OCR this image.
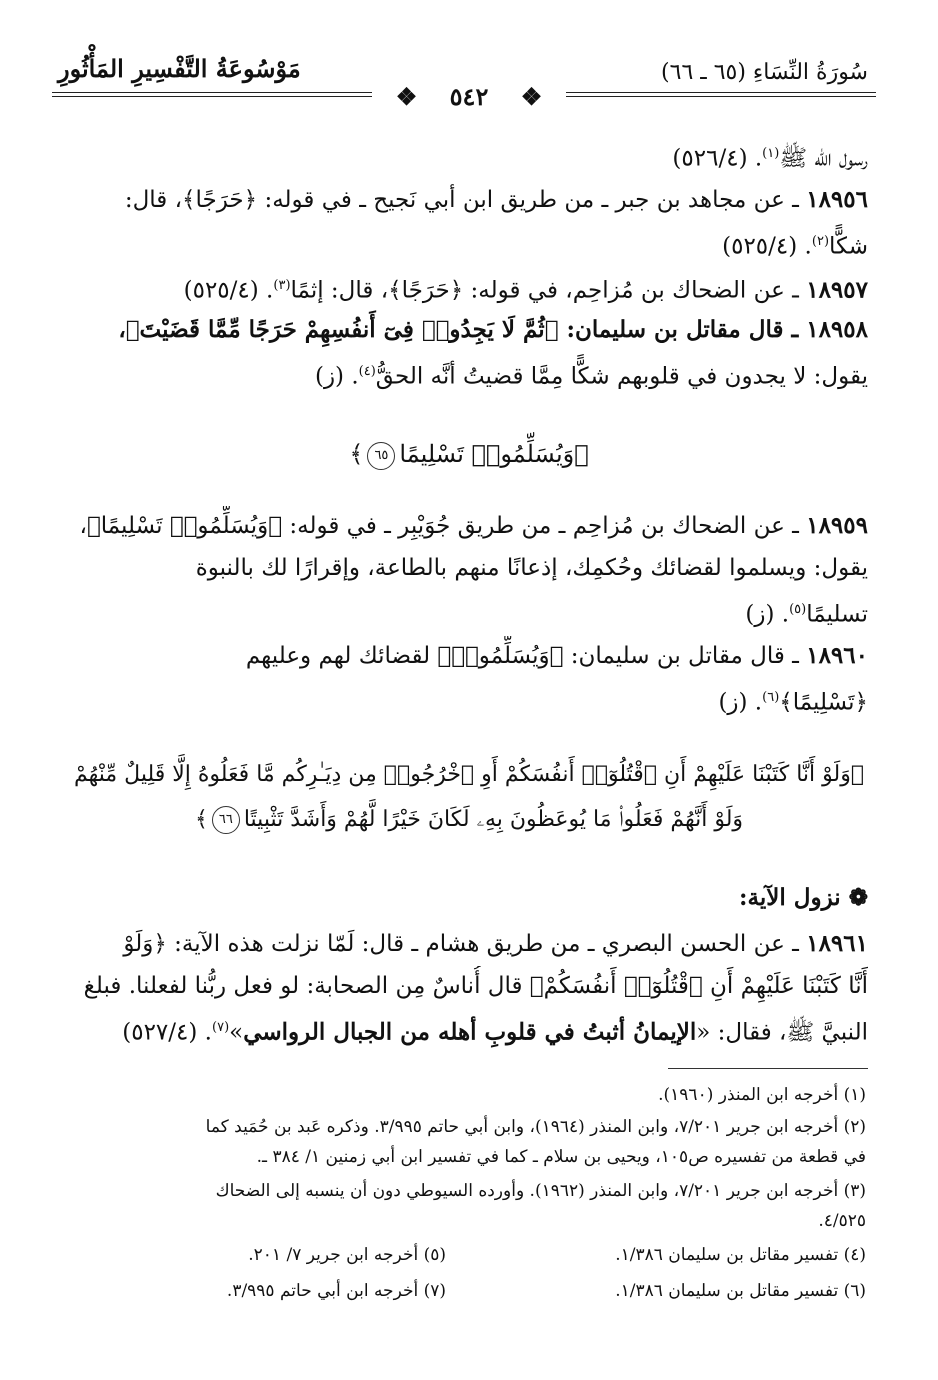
سُورَةُ النِّسَاءِ (٦٥ ـ ٦٦)
مَوْسُوعَةُ التَّفْسِيرِ المَأْثُورِ
❖ ٥٤٢ ❖
رسول الله ﷺ$^{(١)}$. (٥٢٦/٤)
١٨٩٥٦ ـ عن مجاهد بن جبر ـ من طريق ابن أبي نَجيح ـ في قوله: ﴿حَرَجًا﴾، قال:
شكًّا$^{(٢)}$. (٥٢٥/٤)
١٨٩٥٧ ـ عن الضحاك بن مُزاحِم، في قوله: ﴿حَرَجًا﴾، قال: إثمًا$^{(٣)}$. (٥٢٥/٤)
١٨٩٥٨ ـ قال مقاتل بن سليمان: ﴿ثُمَّ لَا يَجِدُوا۟ فِىٓ أَنفُسِهِمْ حَرَجًا مِّمَّا قَضَيْتَ﴾،
يقول: لا يجدون في قلوبهم شكًّا مِمَّا قضيتُ أنَّه الحقُّ$^{(٤)}$. (ز)
﴿وَيُسَلِّمُوا۟ تَسْلِيمًا٦٥﴾
١٨٩٥٩ ـ عن الضحاك بن مُزاحِم ـ من طريق جُوَيْبِر ـ في قوله: ﴿وَيُسَلِّمُوا۟ تَسْلِيمًا﴾،
يقول: ويسلموا لقضائك وحُكمِك، إذعانًا منهم بالطاعة، وإقرارًا لك بالنبوة
تسليمًا$^{(٥)}$. (ز)
١٨٩٦٠ ـ قال مقاتل بن سليمان: ﴿وَيُسَلِّمُوا۟﴾ لقضائك لهم وعليهم
﴿تَسْلِيمًا﴾$^{(٦)}$. (ز)
﴿وَلَوْ أَنَّا كَتَبْنَا عَلَيْهِمْ أَنِ ٱقْتُلُوٓا۟ أَنفُسَكُمْ أَوِ ٱخْرُجُوا۟ مِن دِيَـٰرِكُم مَّا فَعَلُوهُ إِلَّا قَلِيلٌ مِّنْهُمْ
وَلَوْ أَنَّهُمْ فَعَلُوا۟ مَا يُوعَظُونَ بِهِۦ لَكَانَ خَيْرًا لَّهُمْ وَأَشَدَّ تَثْبِيتًا٦٦﴾
❁ نزول الآية:
١٨٩٦١ ـ عن الحسن البصري ـ من طريق هشام ـ قال: لَمّا نزلت هذه الآية: ﴿وَلَوْ
أَنَّا كَتَبْنَا عَلَيْهِمْ أَنِ ٱقْتُلُوٓا۟ أَنفُسَكُمْ﴾ قال أُناسٌ مِن الصحابة: لو فعل ربُّنا لفعلنا. فبلغ
النبيَّ ﷺ، فقال: «الإيمانُ أثبتُ في قلوبِ أهله من الجبال الرواسي»$^{(٧)}$. (٥٢٧/٤)
(١) أخرجه ابن المنذر (١٩٦٠).
(٢) أخرجه ابن جرير ٧/٢٠١، وابن المنذر (١٩٦٤)، وابن أبي حاتم ٣/٩٩٥. وذكره عَبد بن حُمَيد كما
في قطعة من تفسيره ص١٠٥، ويحيى بن سلام ـ كما في تفسير ابن أبي زمنين ١/ ٣٨٤ ـ.
(٣) أخرجه ابن جرير ٧/٢٠١، وابن المنذر (١٩٦٢). وأورده السيوطي دون أن ينسبه إلى الضحاك
٤/٥٢٥.
(٤) تفسير مقاتل بن سليمان ١/٣٨٦.
(٥) أخرجه ابن جرير ٧/ ٢٠١.
(٦) تفسير مقاتل بن سليمان ١/٣٨٦.
(٧) أخرجه ابن أبي حاتم ٣/٩٩٥.
